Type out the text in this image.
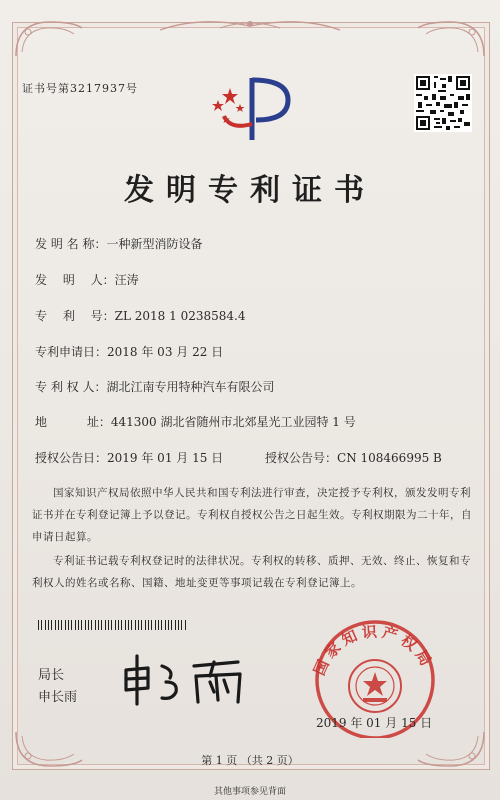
证书号第3217937号
发明专利证书
发 明 名 称：一种新型消防设备
发　 明　 人：汪涛
专　 利　 号：ZL 2018 1 0238584.4
专利申请日：2018 年 03 月 22 日
专 利 权 人：湖北江南专用特种汽车有限公司
地　　　 址：441300 湖北省随州市北郊星光工业园特 1 号
授权公告日：2019 年 01 月 15 日	授权公告号：CN 108466995 B
国家知识产权局依照中华人民共和国专利法进行审查，决定授予专利权，颁发发明专利证书并在专利登记簿上予以登记。专利权自授权公告之日起生效。专利权期限为二十年，自申请日起算。
专利证书记载专利权登记时的法律状况。专利权的转移、质押、无效、终止、恢复和专利权人的姓名或名称、国籍、地址变更等事项记载在专利登记簿上。
局长
申长雨
国家知识产权局
2019 年 01 月 15 日
第 1 页 （共 2 页）
其他事项参见背面
